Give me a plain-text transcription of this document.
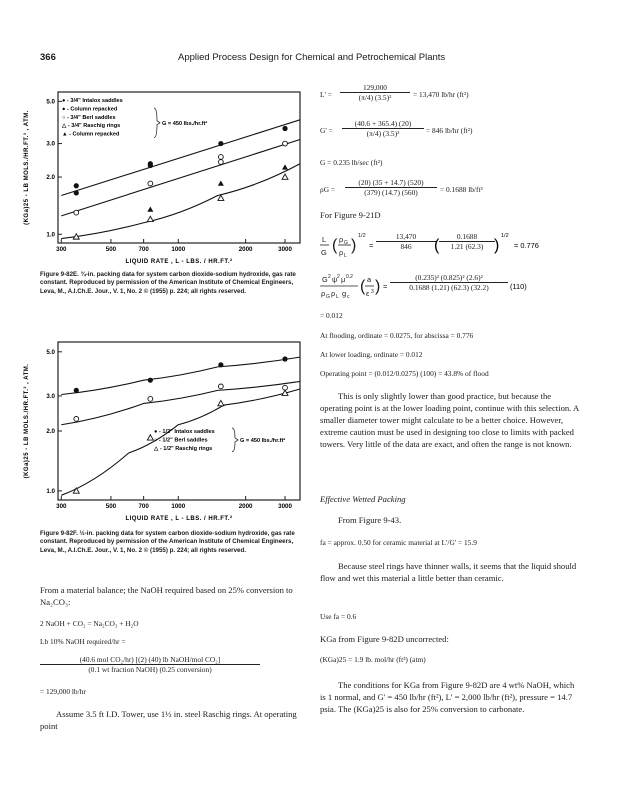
366	Applied Process Design for Chemical and Petrochemical Plants
300	500	700	1000	2000	3000
5.0
3.0
2.0
1.0
LIQUID RATE , L - LBS. / HR.FT.²
(KGa)25 - LB MOLS./HR.FT.³ , ATM.
● - 3/4" Intalox saddles
● - Column repacked
○ - 3/4" Berl saddles
△ - 3/4" Raschig rings
▲ - Column repacked
G = 450 lbs./hr.ft²
Figure 9-82E. ¾-in. packing data for system carbon dioxide-sodium hydroxide, gas rate constant. Reproduced by permission of the American Institute of Chemical Engineers, Leva, M., A.I.Ch.E. Jour., V. 1, No. 2 © (1955) p. 224; all rights reserved.
300	500	700	1000	2000	3000
5.0
3.0
2.0
1.0
LIQUID RATE , L - LBS. / HR.FT.²
(KGa)25 - LB MOLS./HR.FT.³ , ATM.	● - 1/2" Intalox saddles
○ - 1/2" Berl saddles
△ - 1/2" Raschig rings
G = 450 lbs./hr.ft²
Figure 9-82F. ½-in. packing data for system carbon dioxide-sodium hydroxide, gas rate constant. Reproduced by permission of the American Institute of Chemical Engineers, Leva, M., A.I.Ch.E. Jour., V. 1, No. 2 © (1955) p. 224; all rights reserved.
From a material balance; the NaOH required based on 25% conversion to Na₂CO₃:
2 NaOH + CO₂ = Na₂CO₃ + H₂O
Lb 10% NaOH required/hr =
(40.6 mol CO₂/hr) [(2) (40) lb NaOH/mol CO₂]
(0.1 wt fraction NaOH) (0.25 conversion)
= 129,000 lb/hr
Assume 3.5 ft I.D. Tower, use 1½ in. steel Raschig rings. At operating point
$L' = \frac{129,000}{\text{(π/4) (3.5)²}} = 13,470$ lb/hr (ft²)
$G' = \frac{(40.6 + 365.4) (20)}{\text{(π/4) (3.5)²}} = 846$ lb/hr (ft²)
G = 0.235 lb/sec (ft²)
$\rho G = \frac{(20) (35 + 14.7) (520)}{(379) (14.7) (560)} = 0.1688$ lb/ft³
For Figure 9-21D
L
G ( ρ G
ρ L
)
1/2
=
13,470
846	(
0.1688
1.21 (62.3) )
1/2
= 0.776
G 2 ψ 2 μ 0.2
ρ G ρ L g c
( a
ε 3 ) =
(0.235)² (0.825)² (2.6)²
0.1688 (1.21) (62.3) (32.2)	(110)
= 0.012
At flooding, ordinate = 0.0275, for abscissa = 0.776
At lower loading, ordinate = 0.012
Operating point = (0.012/0.0275) (100) = 43.8% of flood
This is only slightly lower than good practice, but because the operating point is at the lower loading point, continue with this selection. A smaller diameter tower might calculate to be a better choice. However, extreme caution must be used in designing too close to limits with packed towers. Very little of the data are exact, and often the range is not known.
Effective Wetted Packing
From Figure 9-43.
fa = approx. 0.50 for ceramic material at L'/G' = 15.9
Because steel rings have thinner walls, it seems that the liquid should flow and wet this material a little better than ceramic.
Use fa = 0.6
KGa from Figure 9-82D uncorrected:
(KGa)25 = 1.9 lb. mol/hr (ft³) (atm)
The conditions for KGa from Figure 9-82D are 4 wt% NaOH, which is 1 normal, and G' = 450 lb/hr (ft²), L' = 2,000 lb/hr (ft²), pressure = 14.7 psia. The (KGa)25 is also for 25% conversion to carbonate.
